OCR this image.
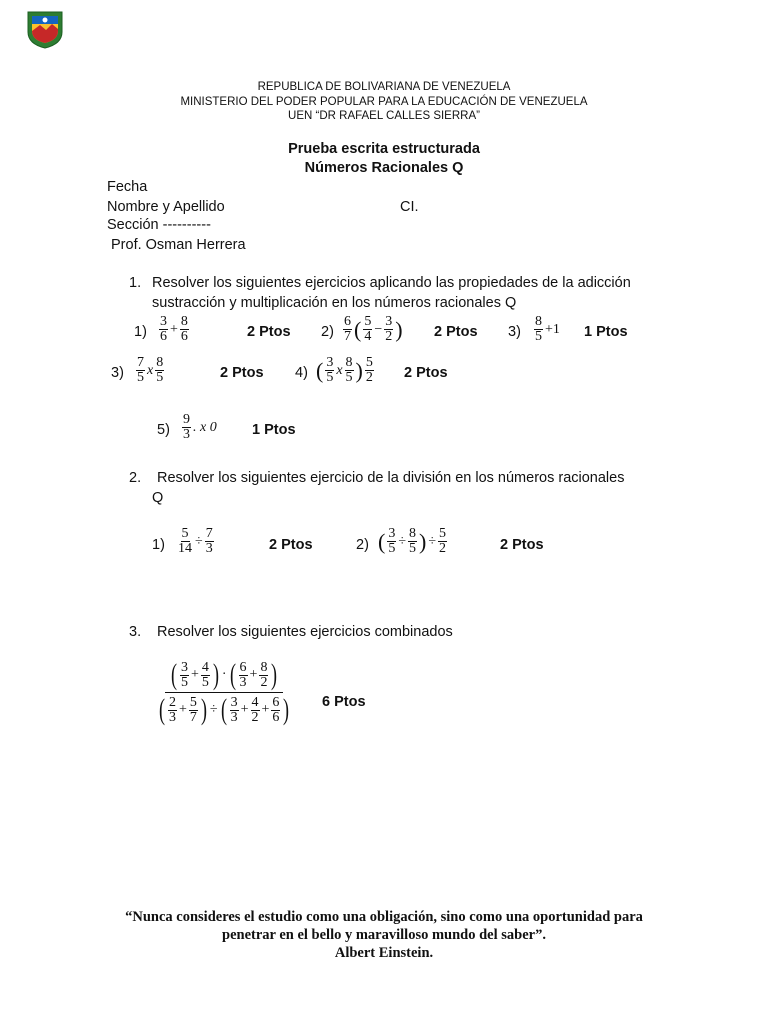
REPUBLICA DE BOLIVARIANA DE VENEZUELA
MINISTERIO DEL PODER POPULAR PARA LA EDUCACIÓN DE VENEZUELA
UEN “DR RAFAEL CALLES SIERRA”
Prueba escrita estructurada
Números Racionales Q
Fecha
Nombre y Apellido	CI.
Sección ----------
Prof. Osman Herrera
1. Resolver los siguientes ejercicios aplicando las propiedades de la adicción
sustracción y multiplicación en los números racionales Q
$1) \frac{3}{6} + \frac{8}{6}$	2 Ptos $2) \frac{6}{7}$ ( $\frac{5}{4} - \frac{3}{2}$ ) 2 Ptos $3) \frac{8}{5} +1$ 1 Ptos
$3) \frac{7}{5}$ x $\frac{8}{5}$	2 Ptos 4) ( $\frac{3}{5}$ x $\frac{8}{5}$ ) $\frac{5}{2} 2$ Ptos
$5) \frac{9}{3}$ . x 0 1 Ptos
2. Resolver los siguientes ejercicio de la división en los números racionales
Q
$1) \frac{5}{14} \div \frac{7}{3}$	2 Ptos	2) ( $\frac{3}{5} \div \frac{8}{5}$ ) ÷ $\frac{5}{2}$	2 Ptos
3. Resolver los siguientes ejercicios combinados
( $\frac{3}{5} + \frac{4}{5}$ ) · ( $\frac{6}{3} + \frac{8}{2}$ )
( $\frac{2}{3} + \frac{5}{7}$ ) ÷ ( $\frac{3}{3} + \frac{4}{2} + \frac{6}{6}$ ) 6 Ptos
“Nunca consideres el estudio como una obligación, sino como una oportunidad para
penetrar en el bello y maravilloso mundo del saber”.
Albert Einstein.
